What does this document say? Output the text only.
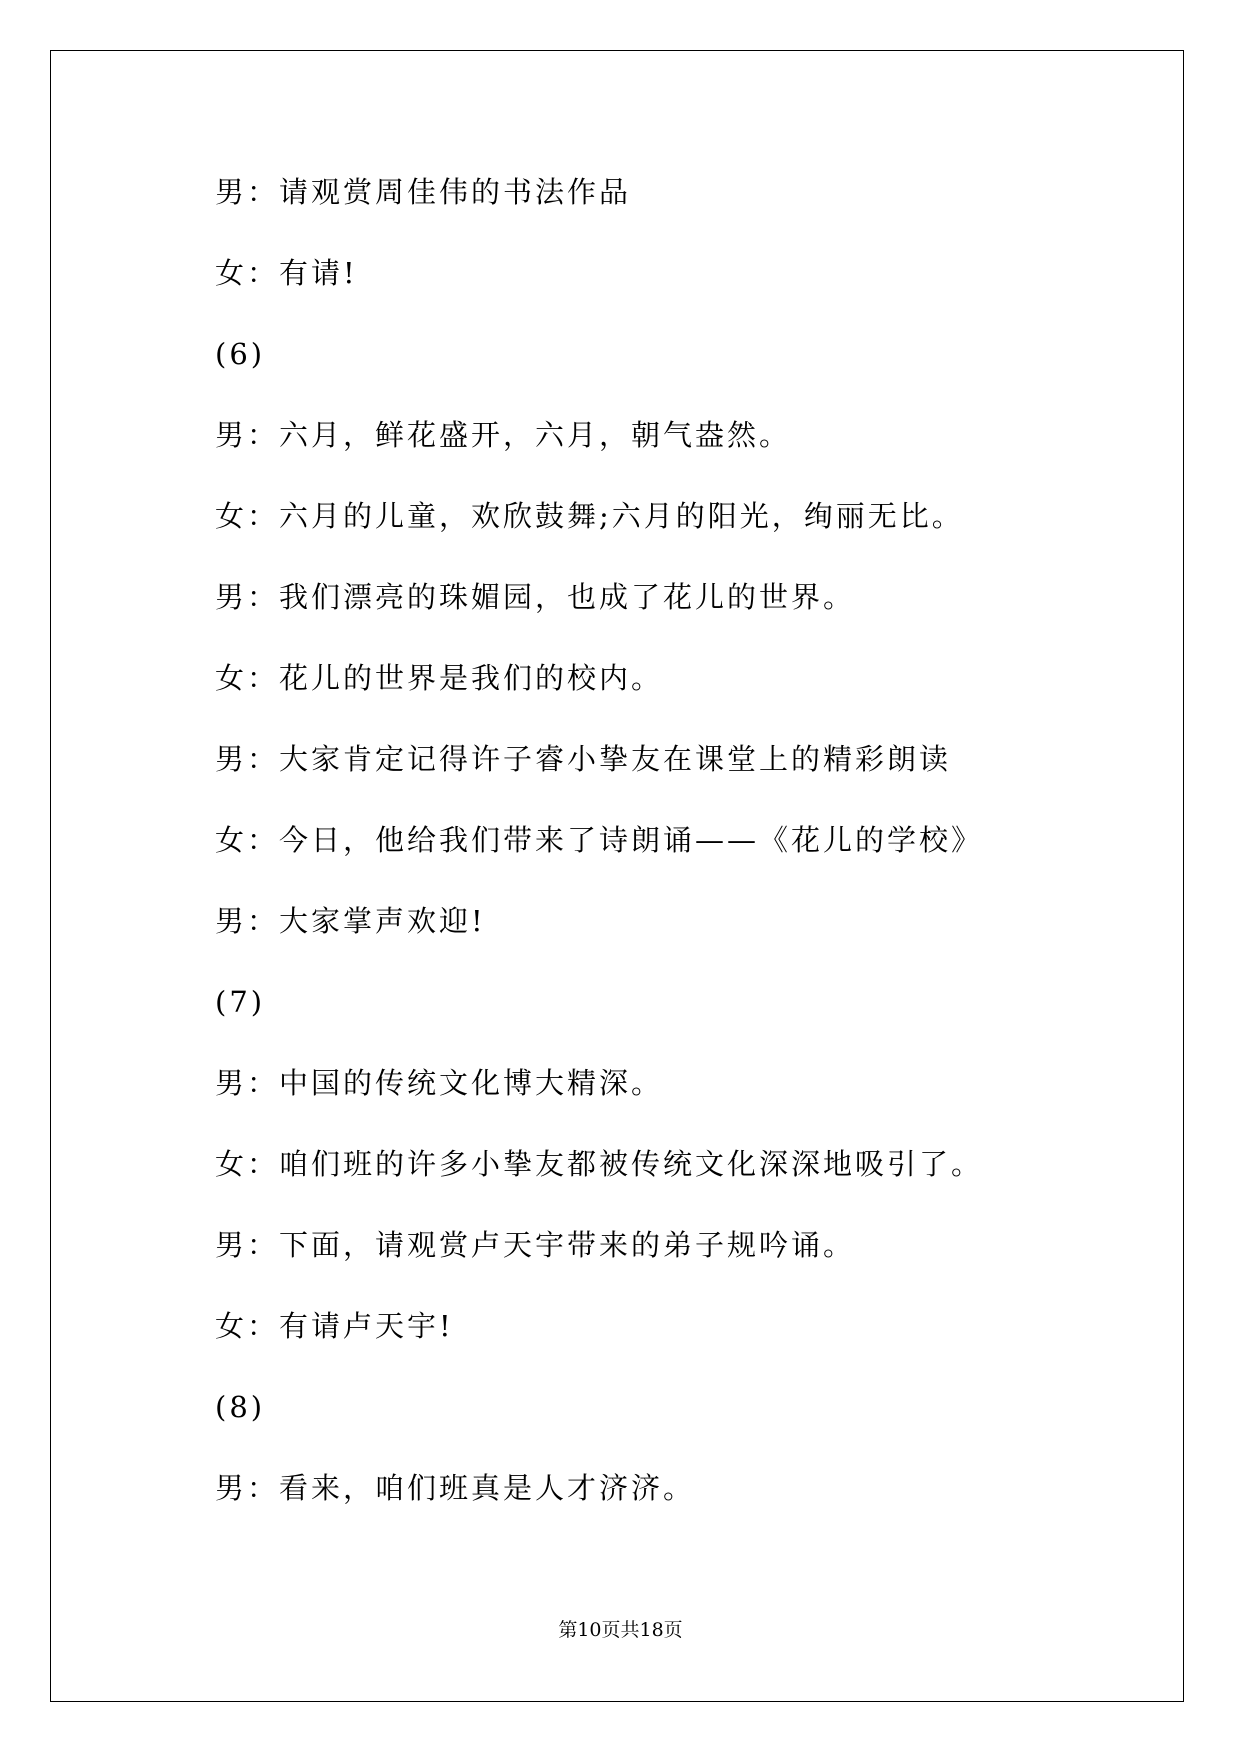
男：请观赏周佳伟的书法作品
女：有请!
(6)
男：六月，鲜花盛开，六月，朝气盎然。
女：六月的儿童，欢欣鼓舞;六月的阳光，绚丽无比。
男：我们漂亮的珠媚园，也成了花儿的世界。
女：花儿的世界是我们的校内。
男：大家肯定记得许子睿小挚友在课堂上的精彩朗读
女：今日，他给我们带来了诗朗诵——《花儿的学校》
男：大家掌声欢迎!
(7)
男：中国的传统文化博大精深。
女：咱们班的许多小挚友都被传统文化深深地吸引了。
男：下面，请观赏卢天宇带来的弟子规吟诵。
女：有请卢天宇!
(8)
男：看来，咱们班真是人才济济。
第10页共18页
